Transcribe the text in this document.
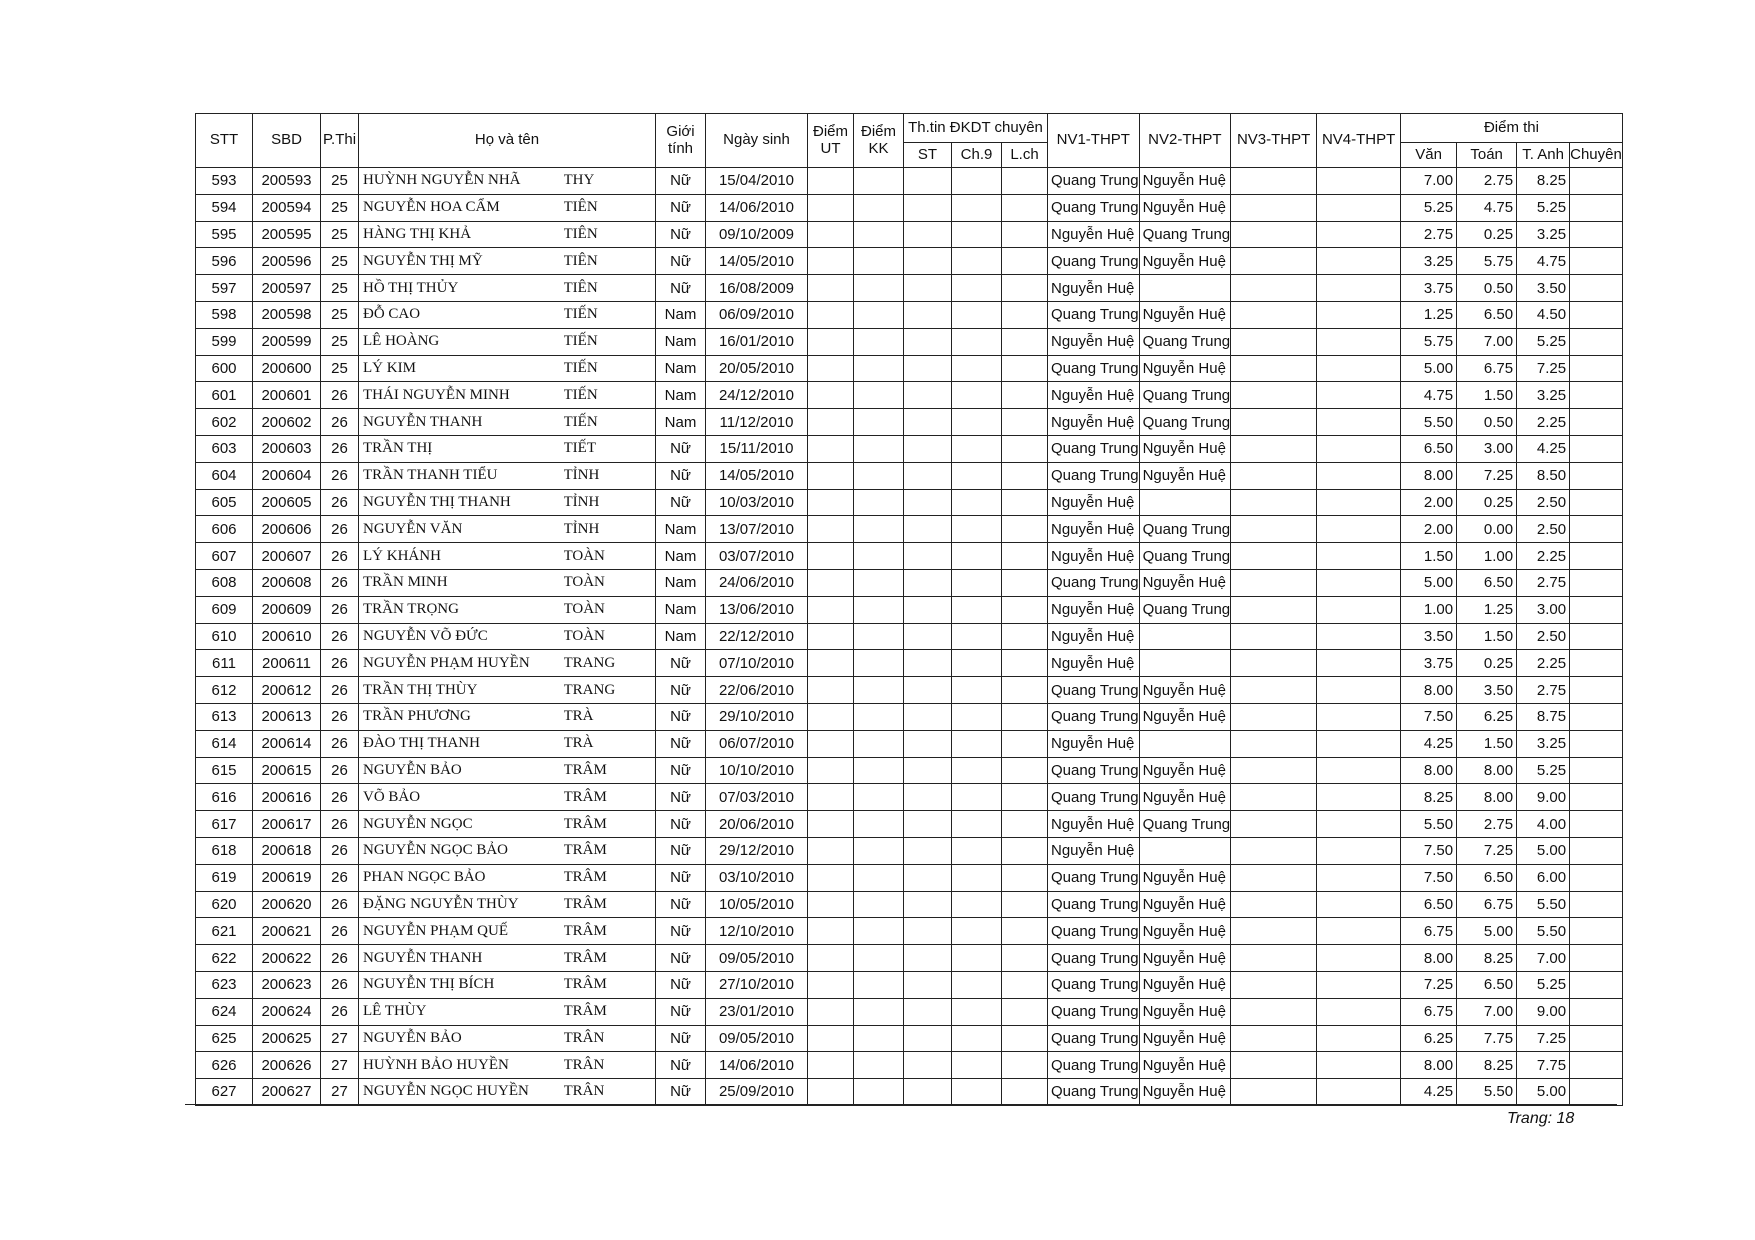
STT	SBD	P.Thi	Họ và tên		Giới tính	Ngày sinh	Điểm UT	Điểm KK	Th.tin ĐKDT chuyên			NV1-THPT	NV2-THPT	NV3-THPT	NV4-THPT	Điểm thi			
									ST	Ch.9	L.ch					Văn	Toán	T. Anh	Chuyên
593	200593	25	HUỲNH NGUYỄN NHÃ	THY	Nữ	15/04/2010						Quang Trung	Nguyễn Huệ			7.00	2.75	8.25	
594	200594	25	NGUYỄN HOA CẨM	TIÊN	Nữ	14/06/2010						Quang Trung	Nguyễn Huệ			5.25	4.75	5.25	
595	200595	25	HÀNG THỊ KHẢ	TIÊN	Nữ	09/10/2009						Nguyễn Huệ	Quang Trung			2.75	0.25	3.25	
596	200596	25	NGUYỄN THỊ MỸ	TIÊN	Nữ	14/05/2010						Quang Trung	Nguyễn Huệ			3.25	5.75	4.75	
597	200597	25	HỒ THỊ THỦY	TIÊN	Nữ	16/08/2009						Nguyễn Huệ				3.75	0.50	3.50	
598	200598	25	ĐỖ CAO	TIẾN	Nam	06/09/2010						Quang Trung	Nguyễn Huệ			1.25	6.50	4.50	
599	200599	25	LÊ HOÀNG	TIẾN	Nam	16/01/2010						Nguyễn Huệ	Quang Trung			5.75	7.00	5.25	
600	200600	25	LÝ KIM	TIẾN	Nam	20/05/2010						Quang Trung	Nguyễn Huệ			5.00	6.75	7.25	
601	200601	26	THÁI NGUYỄN MINH	TIẾN	Nam	24/12/2010						Nguyễn Huệ	Quang Trung			4.75	1.50	3.25	
602	200602	26	NGUYỄN THANH	TIẾN	Nam	11/12/2010						Nguyễn Huệ	Quang Trung			5.50	0.50	2.25	
603	200603	26	TRẦN THỊ	TIẾT	Nữ	15/11/2010						Quang Trung	Nguyễn Huệ			6.50	3.00	4.25	
604	200604	26	TRẦN THANH TIỂU	TỈNH	Nữ	14/05/2010						Quang Trung	Nguyễn Huệ			8.00	7.25	8.50	
605	200605	26	NGUYỄN THỊ THANH	TỈNH	Nữ	10/03/2010						Nguyễn Huệ				2.00	0.25	2.50	
606	200606	26	NGUYỄN VĂN	TỈNH	Nam	13/07/2010						Nguyễn Huệ	Quang Trung			2.00	0.00	2.50	
607	200607	26	LÝ KHÁNH	TOÀN	Nam	03/07/2010						Nguyễn Huệ	Quang Trung			1.50	1.00	2.25	
608	200608	26	TRẦN MINH	TOÀN	Nam	24/06/2010						Quang Trung	Nguyễn Huệ			5.00	6.50	2.75	
609	200609	26	TRẦN TRỌNG	TOÀN	Nam	13/06/2010						Nguyễn Huệ	Quang Trung			1.00	1.25	3.00	
610	200610	26	NGUYỄN VÕ ĐỨC	TOÀN	Nam	22/12/2010						Nguyễn Huệ				3.50	1.50	2.50	
611	200611	26	NGUYỄN PHẠM HUYỀN	TRANG	Nữ	07/10/2010						Nguyễn Huệ				3.75	0.25	2.25	
612	200612	26	TRẦN THỊ THÙY	TRANG	Nữ	22/06/2010						Quang Trung	Nguyễn Huệ			8.00	3.50	2.75	
613	200613	26	TRẦN PHƯƠNG	TRÀ	Nữ	29/10/2010						Quang Trung	Nguyễn Huệ			7.50	6.25	8.75	
614	200614	26	ĐÀO THỊ THANH	TRÀ	Nữ	06/07/2010						Nguyễn Huệ				4.25	1.50	3.25	
615	200615	26	NGUYỄN BẢO	TRÂM	Nữ	10/10/2010						Quang Trung	Nguyễn Huệ			8.00	8.00	5.25	
616	200616	26	VÕ BẢO	TRÂM	Nữ	07/03/2010						Quang Trung	Nguyễn Huệ			8.25	8.00	9.00	
617	200617	26	NGUYỄN NGỌC	TRÂM	Nữ	20/06/2010						Nguyễn Huệ	Quang Trung			5.50	2.75	4.00	
618	200618	26	NGUYỄN NGỌC BẢO	TRÂM	Nữ	29/12/2010						Nguyễn Huệ				7.50	7.25	5.00	
619	200619	26	PHAN NGỌC BẢO	TRÂM	Nữ	03/10/2010						Quang Trung	Nguyễn Huệ			7.50	6.50	6.00	
620	200620	26	ĐẶNG NGUYỄN THÙY	TRÂM	Nữ	10/05/2010						Quang Trung	Nguyễn Huệ			6.50	6.75	5.50	
621	200621	26	NGUYỄN PHẠM QUẾ	TRÂM	Nữ	12/10/2010						Quang Trung	Nguyễn Huệ			6.75	5.00	5.50	
622	200622	26	NGUYỄN THANH	TRÂM	Nữ	09/05/2010						Quang Trung	Nguyễn Huệ			8.00	8.25	7.00	
623	200623	26	NGUYỄN THỊ BÍCH	TRÂM	Nữ	27/10/2010						Quang Trung	Nguyễn Huệ			7.25	6.50	5.25	
624	200624	26	LÊ THÙY	TRÂM	Nữ	23/01/2010						Quang Trung	Nguyễn Huệ			6.75	7.00	9.00	
625	200625	27	NGUYỄN BẢO	TRÂN	Nữ	09/05/2010						Quang Trung	Nguyễn Huệ			6.25	7.75	7.25	
626	200626	27	HUỲNH BẢO HUYỀN	TRÂN	Nữ	14/06/2010						Quang Trung	Nguyễn Huệ			8.00	8.25	7.75	
627	200627	27	NGUYỄN NGỌC HUYỀN	TRÂN	Nữ	25/09/2010						Quang Trung	Nguyễn Huệ			4.25	5.50	5.00	
Trang: 18
